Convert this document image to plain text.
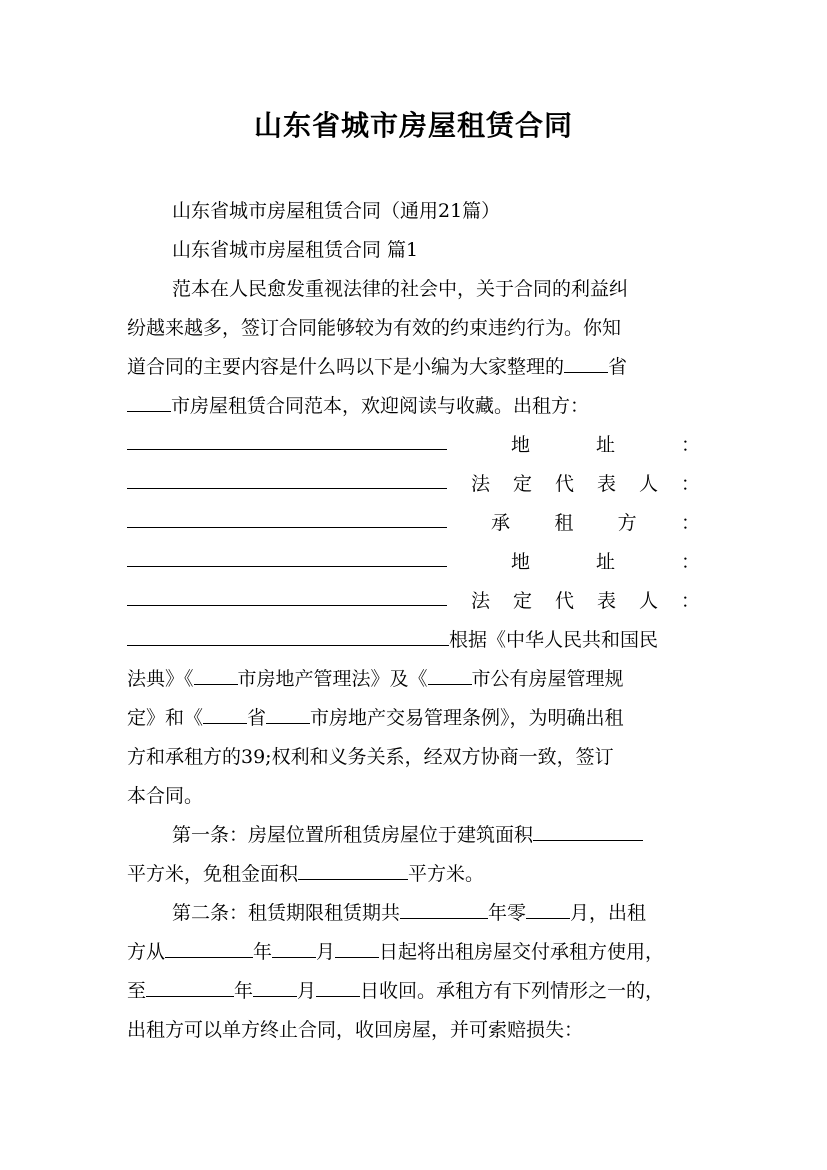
山东省城市房屋租赁合同
山东省城市房屋租赁合同（通用21篇）
山东省城市房屋租赁合同 篇1
范本在人民愈发重视法律的社会中，关于合同的利益纠
纷越来越多，签订合同能够较为有效的约束违约行为。你知
道合同的主要内容是什么吗以下是小编为大家整理的 省
市房屋租赁合同范本，欢迎阅读与收藏。出租方：
地	址	：
法 定 代 表 人 ：
承 租 方 ：
地	址	：
法 定 代 表 人 ：
根据《中华人民共和国民
法典》《 市房地产管理法》及《 市公有房屋管理规
定》和《 省 市房地产交易管理条例》，为明确出租
方和承租方的39;权利和义务关系，经双方协商一致，签订
本合同。
第一条：房屋位置所租赁房屋位于建筑面积
平方米，免租金面积	平方米。
第二条：租赁期限租赁期共	年零 月，出租
方从	年 月 日起将出租房屋交付承租方使用，
至	年 月 日收回。承租方有下列情形之一的，
出租方可以单方终止合同，收回房屋，并可索赔损失：
